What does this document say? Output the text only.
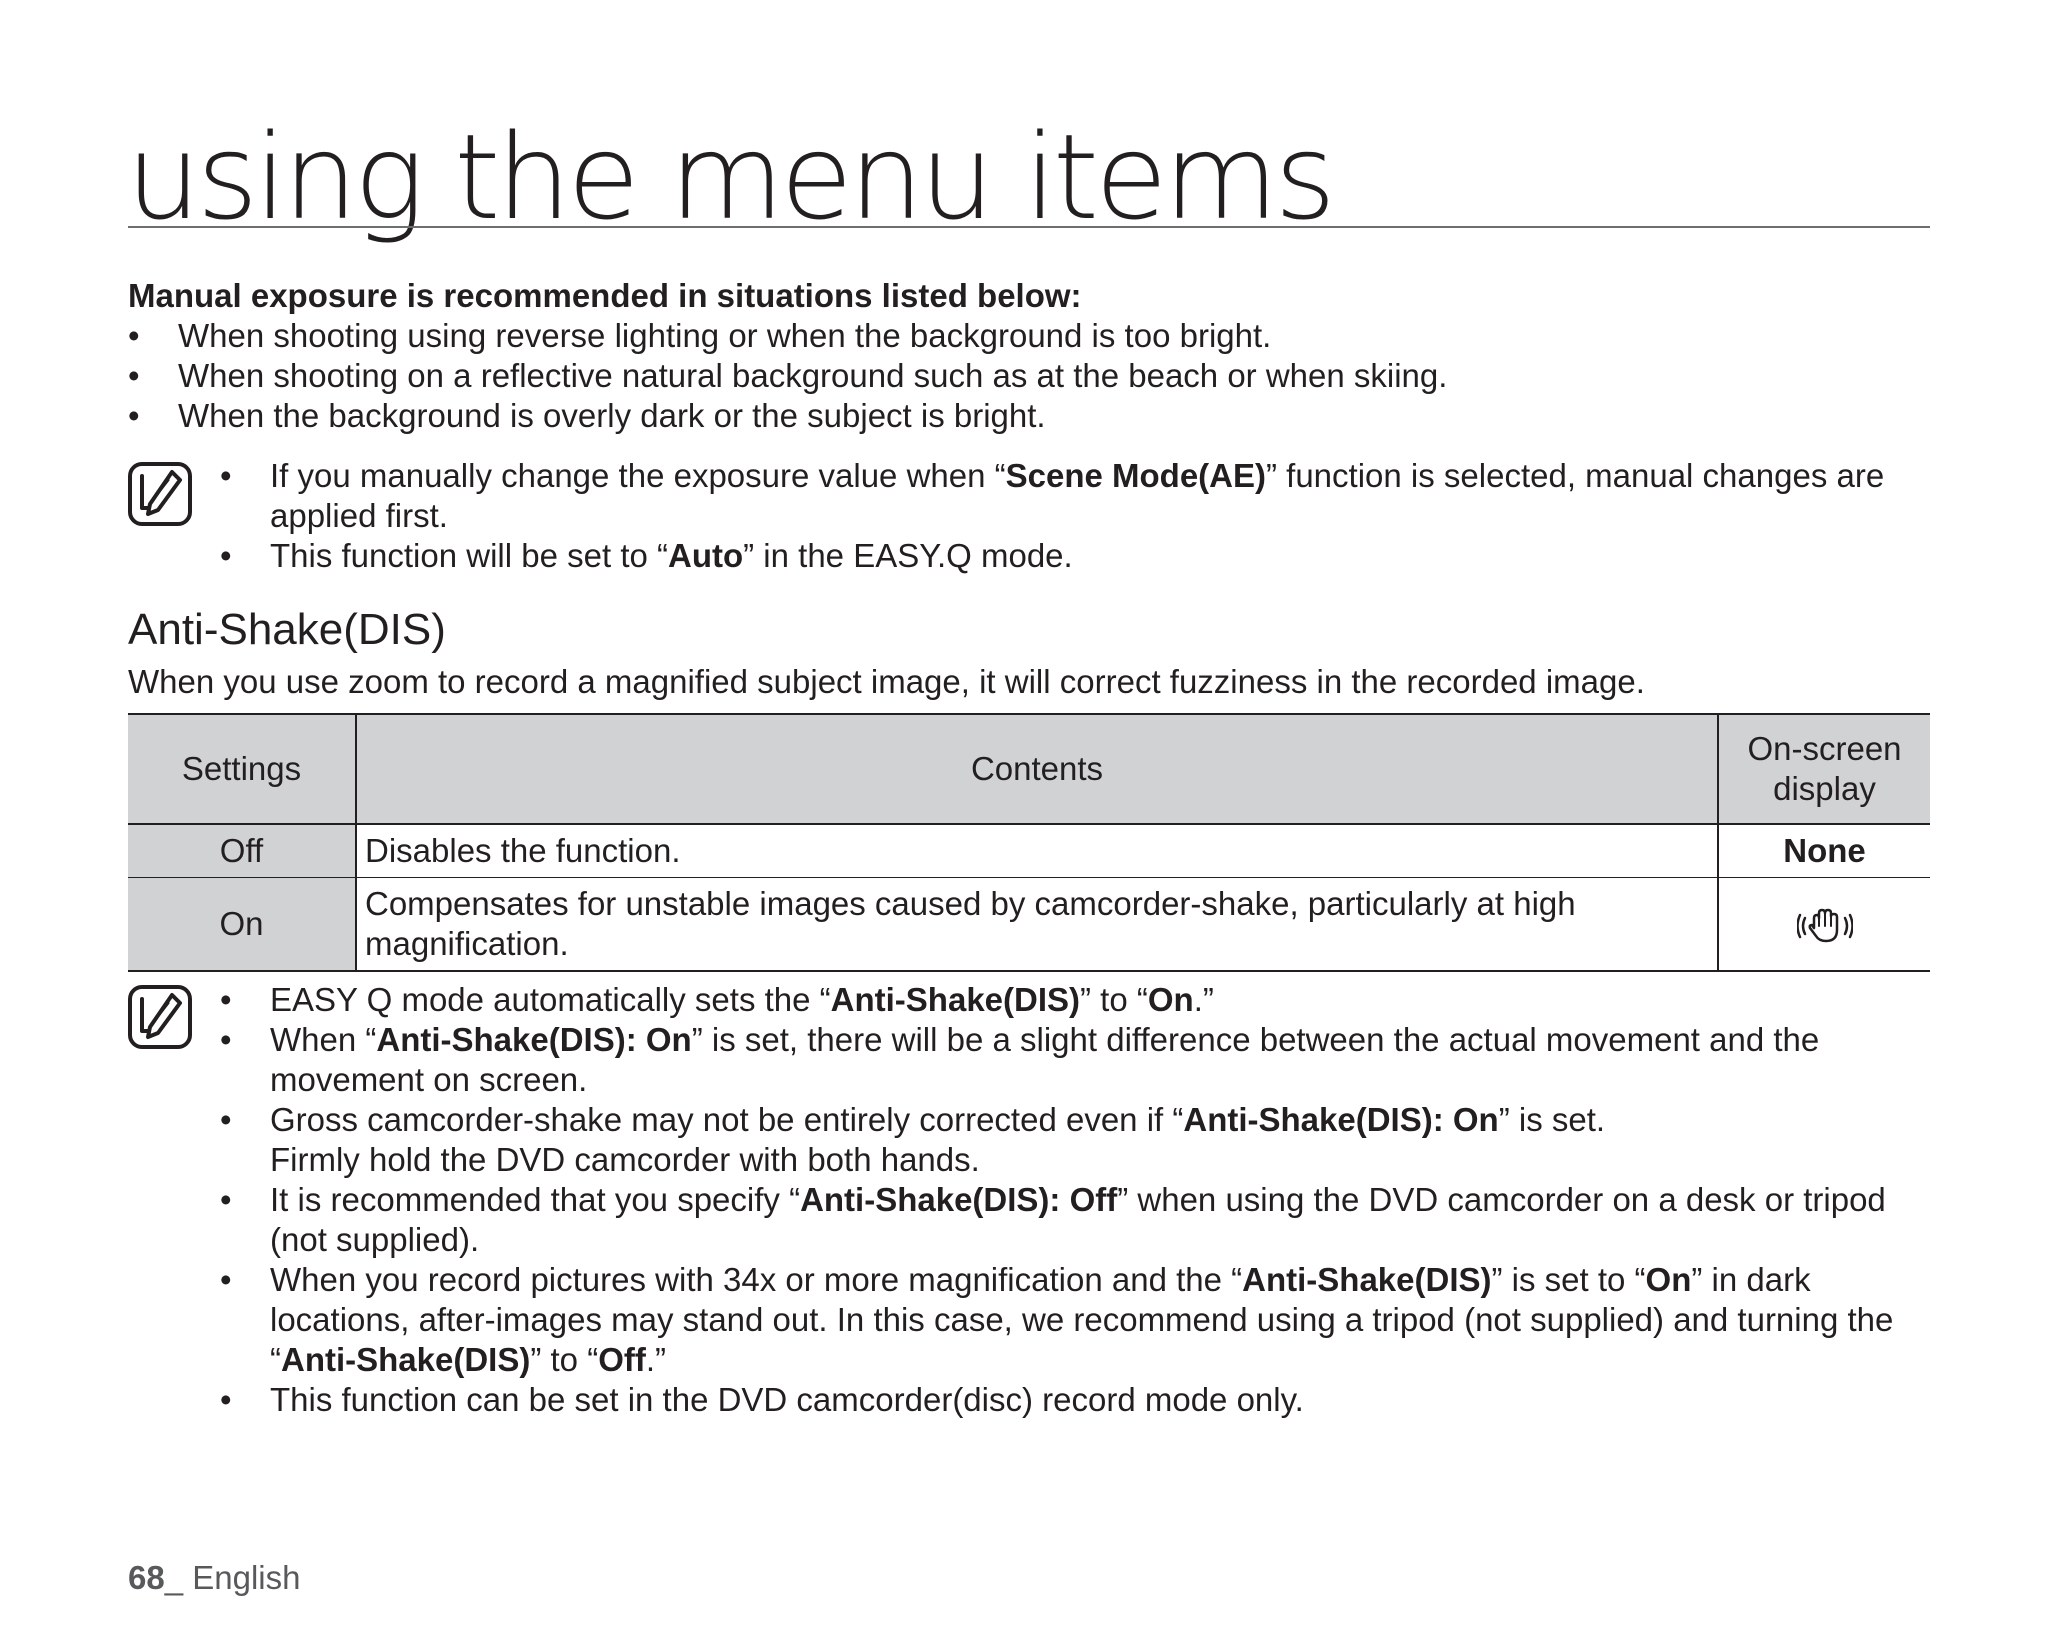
using the menu items

Manual exposure is recommended in situations listed below:

•	When shooting using reverse lighting or when the background is too bright.
•	When shooting on a reflective natural background such as at the beach or when skiing.
•	When the background is overly dark or the subject is bright.
•	If you manually change the exposure value when “Scene Mode(AE)” function is selected, manual changes are applied first.
•	This function will be set to “Auto” in the EASY.Q mode.
Anti-Shake(DIS)

When you use zoom to record a magnified subject image, it will correct fuzziness in the recorded image.

Settings	Contents	On-screen
display
Off	Disables the function.	None
On	Compensates for unstable images caused by camcorder-shake, particularly at high magnification.	
•	EASY Q mode automatically sets the “Anti-Shake(DIS)” to “On.”
•	When “Anti-Shake(DIS): On” is set, there will be a slight difference between the actual movement and the movement on screen.
•	Gross camcorder-shake may not be entirely corrected even if “Anti-Shake(DIS): On” is set.
Firmly hold the DVD camcorder with both hands.
•	It is recommended that you specify “Anti-Shake(DIS): Off” when using the DVD camcorder on a desk or tripod (not supplied).
•	When you record pictures with 34x or more magnification and the “Anti-Shake(DIS)” is set to “On” in dark locations, after-images may stand out. In this case, we recommend using a tripod (not supplied) and turning the “Anti-Shake(DIS)” to “Off.”
•	This function can be set in the DVD camcorder(disc) record mode only.

68_ English
